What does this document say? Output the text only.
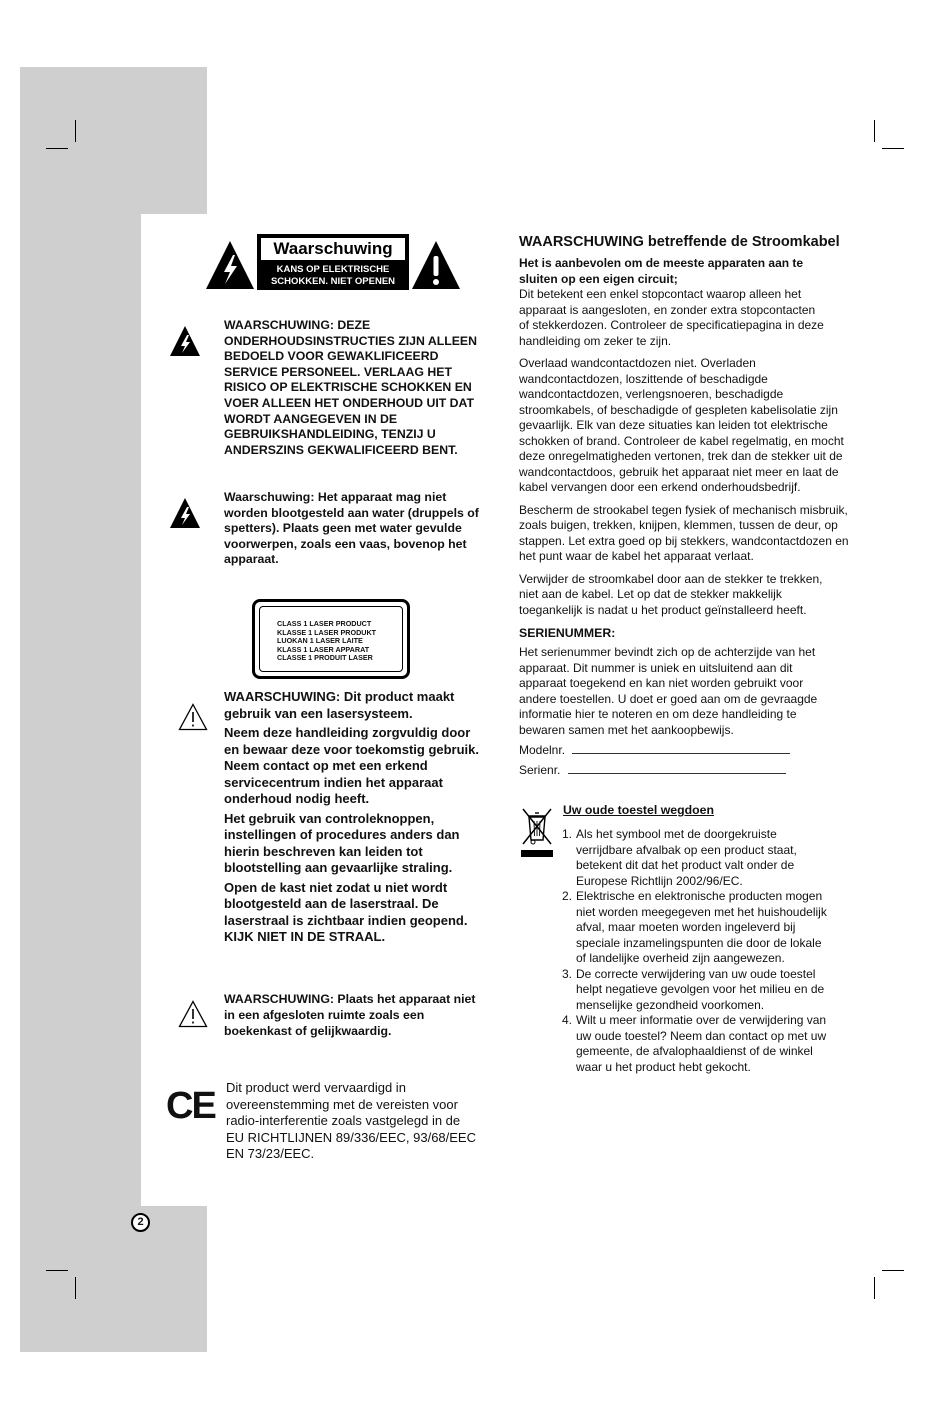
Waarschuwing
KANS OP ELEKTRISCHE
SCHOKKEN. NIET OPENEN
WAARSCHUWING: DEZE
ONDERHOUDSINSTRUCTIES ZIJN ALLEEN
BEDOELD VOOR GEWAKLIFICEERD
SERVICE PERSONEEL. VERLAAG HET
RISICO OP ELEKTRISCHE SCHOKKEN EN
VOER ALLEEN HET ONDERHOUD UIT DAT
WORDT AANGEGEVEN IN DE
GEBRUIKSHANDLEIDING, TENZIJ U
ANDERSZINS GEKWALIFICEERD BENT.
Waarschuwing: Het apparaat mag niet
worden blootgesteld aan water (druppels of
spetters). Plaats geen met water gevulde
voorwerpen, zoals een vaas, bovenop het
apparaat.
CLASS 1 LASER PRODUCT
KLASSE 1 LASER PRODUKT
LUOKAN 1 LASER LAITE
KLASS 1 LASER APPARAT
CLASSE 1 PRODUIT LASER
WAARSCHUWING: Dit product maakt
gebruik van een lasersysteem.
Neem deze handleiding zorgvuldig door
en bewaar deze voor toekomstig gebruik.
Neem contact op met een erkend
servicecentrum indien het apparaat
onderhoud nodig heeft.
Het gebruik van controleknoppen,
instellingen of procedures anders dan
hierin beschreven kan leiden tot
blootstelling aan gevaarlijke straling.
Open de kast niet zodat u niet wordt
blootgesteld aan de laserstraal. De
laserstraal is zichtbaar indien geopend.
KIJK NIET IN DE STRAAL.
WAARSCHUWING: Plaats het apparaat niet
in een afgesloten ruimte zoals een
boekenkast of gelijkwaardig.
CE Dit product werd vervaardigd in
overeenstemming met de vereisten voor
radio-interferentie zoals vastgelegd in de
EU RICHTLIJNEN 89/336/EEC, 93/68/EEC
EN 73/23/EEC.
2
WAARSCHUWING betreffende de Stroomkabel
Het is aanbevolen om de meeste apparaten aan te
sluiten op een eigen circuit;

Dit betekent een enkel stopcontact waarop alleen het
apparaat is aangesloten, en zonder extra stopcontacten
of stekkerdozen. Controleer de specificatiepagina in deze
handleiding om zeker te zijn.

Overlaad wandcontactdozen niet. Overladen
wandcontactdozen, loszittende of beschadigde
wandcontactdozen, verlengsnoeren, beschadigde
stroomkabels, of beschadigde of gespleten kabelisolatie zijn
gevaarlijk. Elk van deze situaties kan leiden tot elektrische
schokken of brand. Controleer de kabel regelmatig, en mocht
deze onregelmatigheden vertonen, trek dan de stekker uit de
wandcontactdoos, gebruik het apparaat niet meer en laat de
kabel vervangen door een erkend onderhoudsbedrijf.

Bescherm de strookabel tegen fysiek of mechanisch misbruik,
zoals buigen, trekken, knijpen, klemmen, tussen de deur, op
stappen. Let extra goed op bij stekkers, wandcontactdozen en
het punt waar de kabel het apparaat verlaat.

Verwijder de stroomkabel door aan de stekker te trekken,
niet aan de kabel. Let op dat de stekker makkelijk
toegankelijk is nadat u het product geïnstalleerd heeft.

SERIENUMMER:
Het serienummer bevindt zich op de achterzijde van het
apparaat. Dit nummer is uniek en uitsluitend aan dit
apparaat toegekend en kan niet worden gebruikt voor
andere toestellen. U doet er goed aan om de gevraagde
informatie hier te noteren en om deze handleiding te
bewaren samen met het aankoopbewijs.
Modelnr.
Serienr.
Uw oude toestel wegdoen
1. Als het symbool met de doorgekruiste
verrijdbare afvalbak op een product staat,
betekent dit dat het product valt onder de
Europese Richtlijn 2002/96/EC.
2. Elektrische en elektronische producten mogen
niet worden meegegeven met het huishoudelijk
afval, maar moeten worden ingeleverd bij
speciale inzamelingspunten die door de lokale
of landelijke overheid zijn aangewezen.
3. De correcte verwijdering van uw oude toestel
helpt negatieve gevolgen voor het milieu en de
menselijke gezondheid voorkomen.
4. Wilt u meer informatie over de verwijdering van
uw oude toestel? Neem dan contact op met uw
gemeente, de afvalophaaldienst of de winkel
waar u het product hebt gekocht.
